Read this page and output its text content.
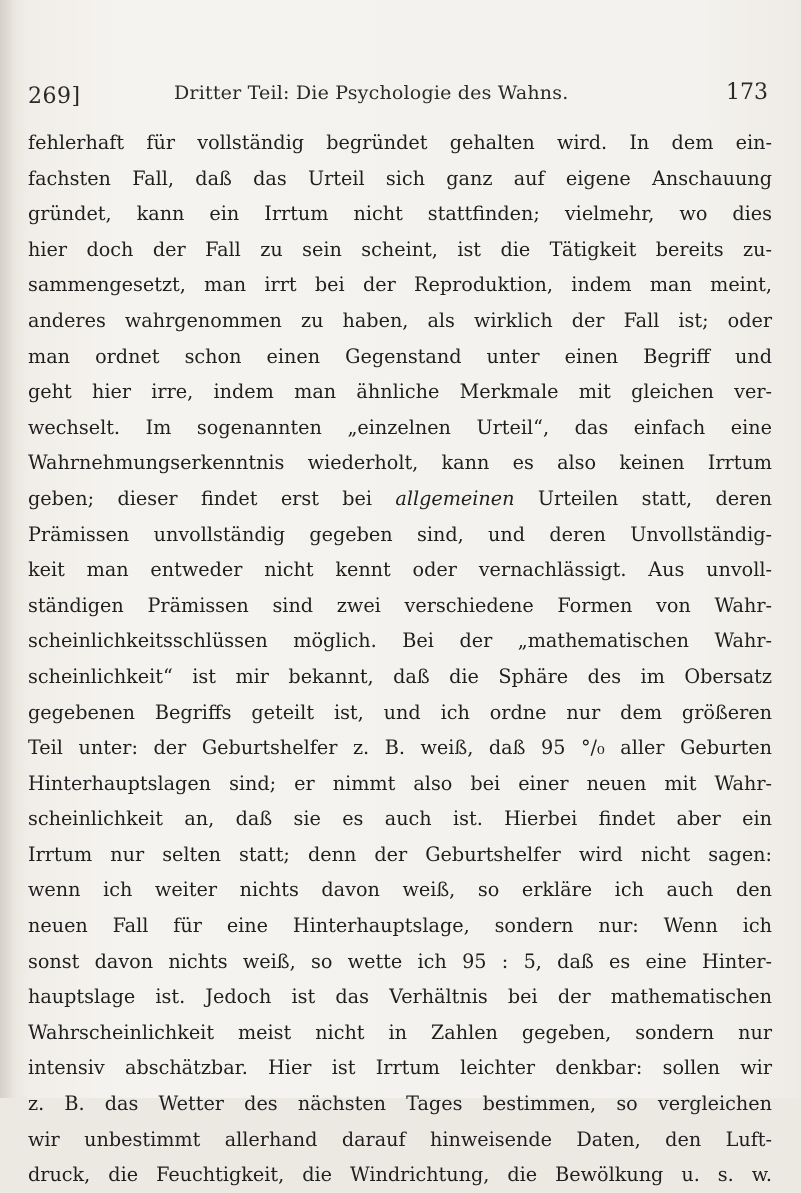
269]	Dritter Teil: Die Psychologie des Wahns.	173
fehlerhaft für vollständig begründet gehalten wird. In dem ein-
fachsten Fall, daß das Urteil sich ganz auf eigene Anschauung
gründet, kann ein Irrtum nicht stattfinden; vielmehr, wo dies
hier doch der Fall zu sein scheint, ist die Tätigkeit bereits zu-
sammengesetzt, man irrt bei der Reproduktion, indem man meint,
anderes wahrgenommen zu haben, als wirklich der Fall ist; oder
man ordnet schon einen Gegenstand unter einen Begriff und
geht hier irre, indem man ähnliche Merkmale mit gleichen ver-
wechselt. Im sogenannten „einzelnen Urteil“, das einfach eine
Wahrnehmungserkenntnis wiederholt, kann es also keinen Irrtum
geben; dieser findet erst bei allgemeinen Urteilen statt, deren
Prämissen unvollständig gegeben sind, und deren Unvollständig-
keit man entweder nicht kennt oder vernachlässigt. Aus unvoll-
ständigen Prämissen sind zwei verschiedene Formen von Wahr-
scheinlichkeitsschlüssen möglich. Bei der „mathematischen Wahr-
scheinlichkeit“ ist mir bekannt, daß die Sphäre des im Obersatz
gegebenen Begriffs geteilt ist, und ich ordne nur dem größeren
Teil unter: der Geburtshelfer z. B. weiß, daß 95 °/₀ aller Geburten
Hinterhauptslagen sind; er nimmt also bei einer neuen mit Wahr-
scheinlichkeit an, daß sie es auch ist. Hierbei findet aber ein
Irrtum nur selten statt; denn der Geburtshelfer wird nicht sagen:
wenn ich weiter nichts davon weiß, so erkläre ich auch den
neuen Fall für eine Hinterhauptslage, sondern nur: Wenn ich
sonst davon nichts weiß, so wette ich 95 : 5, daß es eine Hinter-
hauptslage ist. Jedoch ist das Verhältnis bei der mathematischen
Wahrscheinlichkeit meist nicht in Zahlen gegeben, sondern nur
intensiv abschätzbar. Hier ist Irrtum leichter denkbar: sollen wir
z. B. das Wetter des nächsten Tages bestimmen, so vergleichen
wir unbestimmt allerhand darauf hinweisende Daten, den Luft-
druck, die Feuchtigkeit, die Windrichtung, die Bewölkung u. s. w.
